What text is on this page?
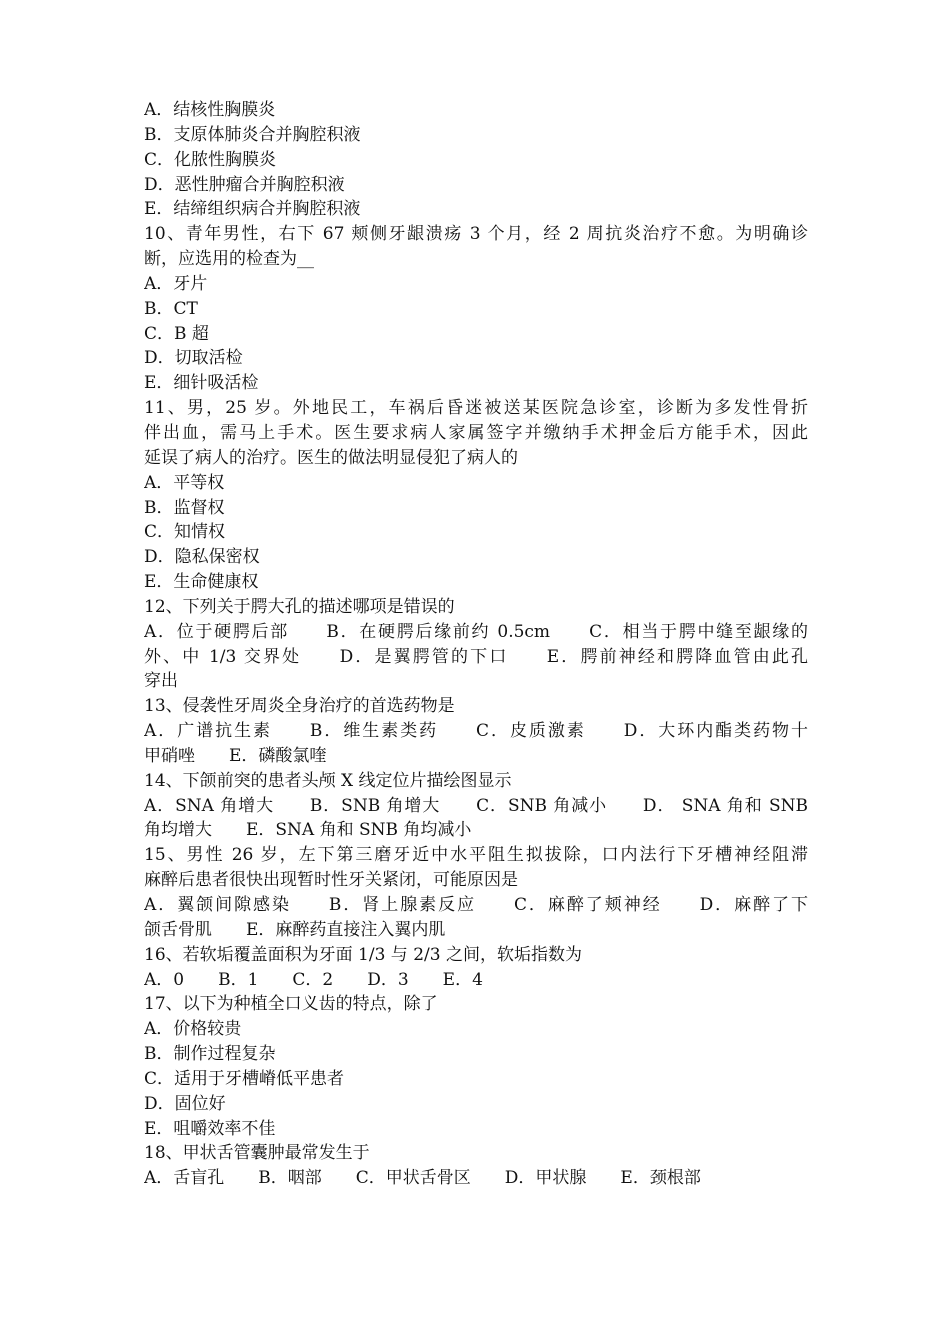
A．结核性胸膜炎
B．支原体肺炎合并胸腔积液
C．化脓性胸膜炎
D．恶性肿瘤合并胸腔积液
E．结缔组织病合并胸腔积液
10、青年男性，右下 67 颊侧牙龈溃疡 3 个月，经 2 周抗炎治疗不愈。为明确诊
断，应选用的检查为__
A．牙片
B．CT
C．B 超
D．切取活检
E．细针吸活检
11、男，25 岁。外地民工，车祸后昏迷被送某医院急诊室，诊断为多发性骨折
伴出血，需马上手术。医生要求病人家属签字并缴纳手术押金后方能手术，因此
延误了病人的治疗。医生的做法明显侵犯了病人的
A．平等权
B．监督权
C．知情权
D．隐私保密权
E．生命健康权
12、下列关于腭大孔的描述哪项是错误的
A．位于硬腭后部　　B．在硬腭后缘前约 0.5cm　　C．相当于腭中缝至龈缘的
外、中 1/3 交界处　　D．是翼腭管的下口　　E．腭前神经和腭降血管由此孔
穿出
13、侵袭性牙周炎全身治疗的首选药物是
A．广谱抗生素　　B．维生素类药　　C．皮质激素　　D．大环内酯类药物十
甲硝唑　　E．磷酸氯喹
14、下颌前突的患者头颅 X 线定位片描绘图显示
A．SNA 角增大　　B．SNB 角增大　　C．SNB 角减小　　D． SNA 角和 SNB
角均增大　　E．SNA 角和 SNB 角均减小
15、男性 26 岁，左下第三磨牙近中水平阻生拟拔除，口内法行下牙槽神经阻滞
麻醉后患者很快出现暂时性牙关紧闭，可能原因是
A．翼颌间隙感染　　B．肾上腺素反应　　C．麻醉了颊神经　　D．麻醉了下
颌舌骨肌　　E．麻醉药直接注入翼内肌
16、若软垢覆盖面积为牙面 1/3 与 2/3 之间，软垢指数为
A．0　　B．1　　C．2　　D．3　　E．4
17、以下为种植全口义齿的特点，除了
A．价格较贵
B．制作过程复杂
C．适用于牙槽嵴低平患者
D．固位好
E．咀嚼效率不佳
18、甲状舌管囊肿最常发生于
A．舌盲孔　　B．咽部　　C．甲状舌骨区　　D．甲状腺　　E．颈根部
